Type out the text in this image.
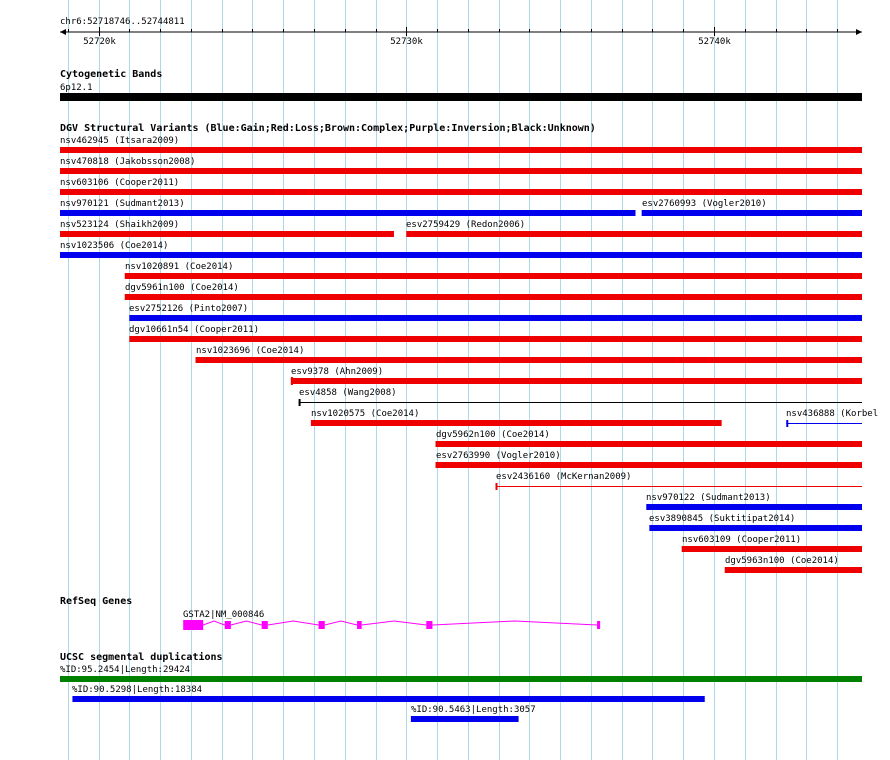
chr6:52718746..52744811
52720k	52730k	52740k
Cytogenetic Bands
6p12.1
DGV Structural Variants (Blue:Gain;Red:Loss;Brown:Complex;Purple:Inversion;Black:Unknown)
nsv462945 (Itsara2009)
nsv470818 (Jakobsson2008)
nsv603106 (Cooper2011)
nsv970121 (Sudmant2013)	esv2760993 (Vogler2010)
nsv523124 (Shaikh2009)	esv2759429 (Redon2006)
nsv1023506 (Coe2014)
nsv1020891 (Coe2014)
dgv5961n100 (Coe2014)
esv2752126 (Pinto2007)
dgv10661n54 (Cooper2011)
nsv1023696 (Coe2014)
esv9378 (Ahn2009)
esv4858 (Wang2008)
nsv1020575 (Coe2014)	nsv436888 (Korbel
dgv5962n100 (Coe2014)
esv2763990 (Vogler2010)
esv2436160 (McKernan2009)
nsv970122 (Sudmant2013)
esv3890845 (Suktitipat2014)
nsv603109 (Cooper2011)
dgv5963n100 (Coe2014)
RefSeq Genes
GSTA2|NM_000846
UCSC segmental duplications
%ID:95.2454|Length:29424
%ID:90.5298|Length:18384
%ID:90.5463|Length:3057
